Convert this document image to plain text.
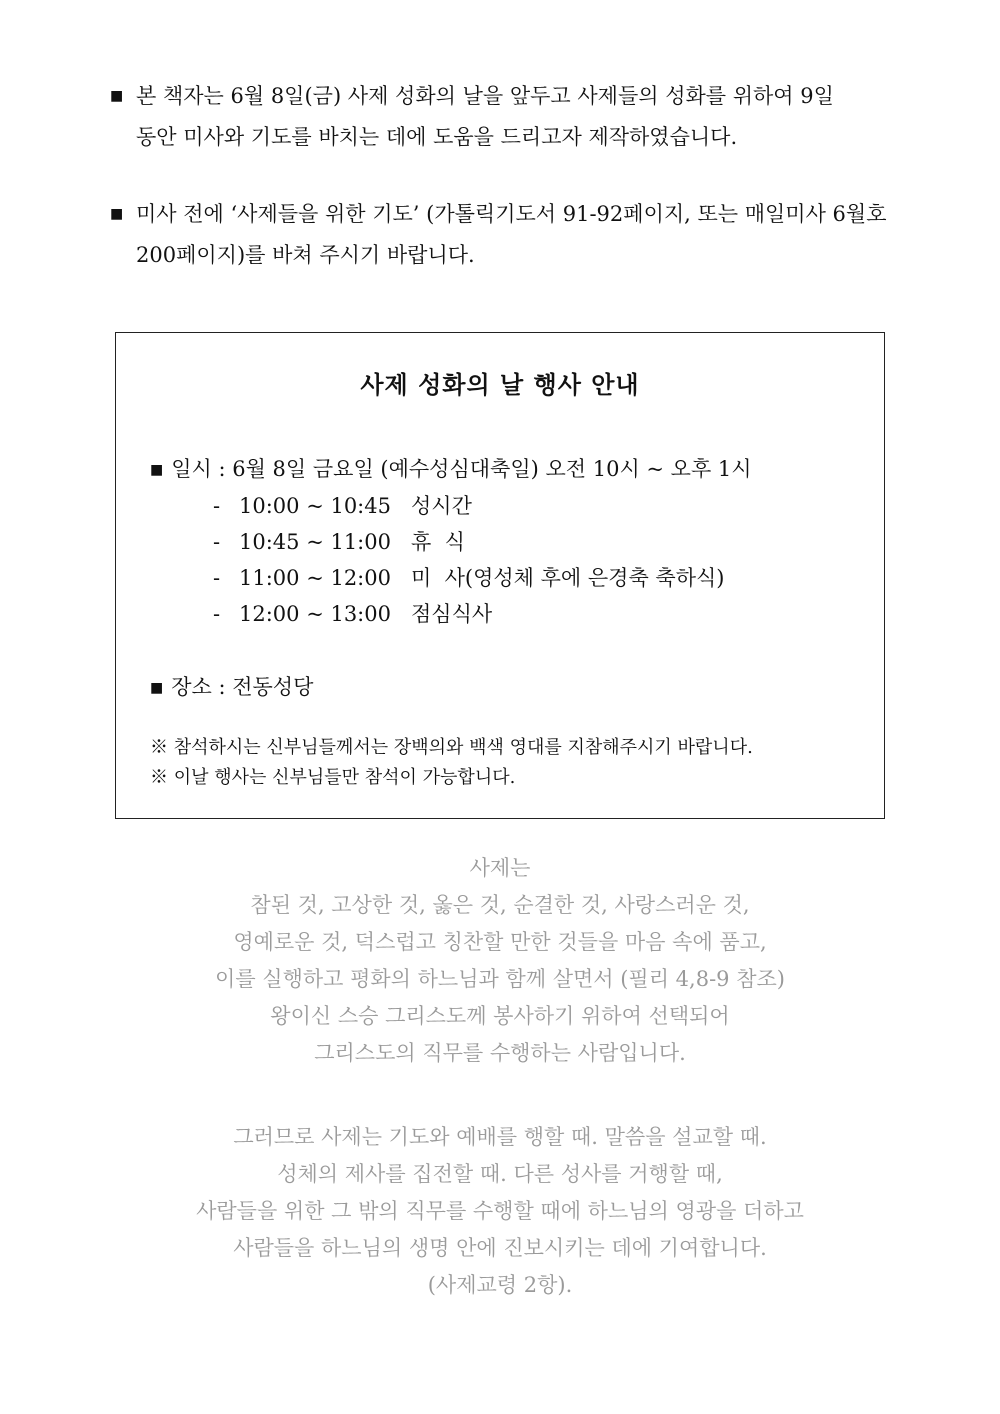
■ 본 책자는 6월 8일(금) 사제 성화의 날을 앞두고 사제들의 성화를 위하여 9일
동안 미사와 기도를 바치는 데에 도움을 드리고자 제작하였습니다.
■ 미사 전에 ‘사제들을 위한 기도’ (가톨릭기도서 91-92페이지, 또는 매일미사 6월호
200페이지)를 바쳐 주시기 바랍니다.
사제 성화의 날 행사 안내
■ 일시 : 6월 8일 금요일 (예수성심대축일) 오전 10시 ~ 오후 1시
- 10:00 ~ 10:45 성시간
- 10:45 ~ 11:00 휴  식
- 11:00 ~ 12:00 미  사(영성체 후에 은경축 축하식)
- 12:00 ~ 13:00 점심식사
■ 장소 : 전동성당
※ 참석하시는 신부님들께서는 장백의와 백색 영대를 지참해주시기 바랍니다.
※ 이날 행사는 신부님들만 참석이 가능합니다.
사제는
참된 것, 고상한 것, 옳은 것, 순결한 것, 사랑스러운 것,
영예로운 것, 덕스럽고 칭찬할 만한 것들을 마음 속에 품고,
이를 실행하고 평화의 하느님과 함께 살면서 (필리 4,8-9 참조)
왕이신 스승 그리스도께 봉사하기 위하여 선택되어
그리스도의 직무를 수행하는 사람입니다.
그러므로 사제는 기도와 예배를 행할 때. 말씀을 설교할 때.
성체의 제사를 집전할 때. 다른 성사를 거행할 때,
사람들을 위한 그 밖의 직무를 수행할 때에 하느님의 영광을 더하고
사람들을 하느님의 생명 안에 진보시키는 데에 기여합니다.
(사제교령 2항).
